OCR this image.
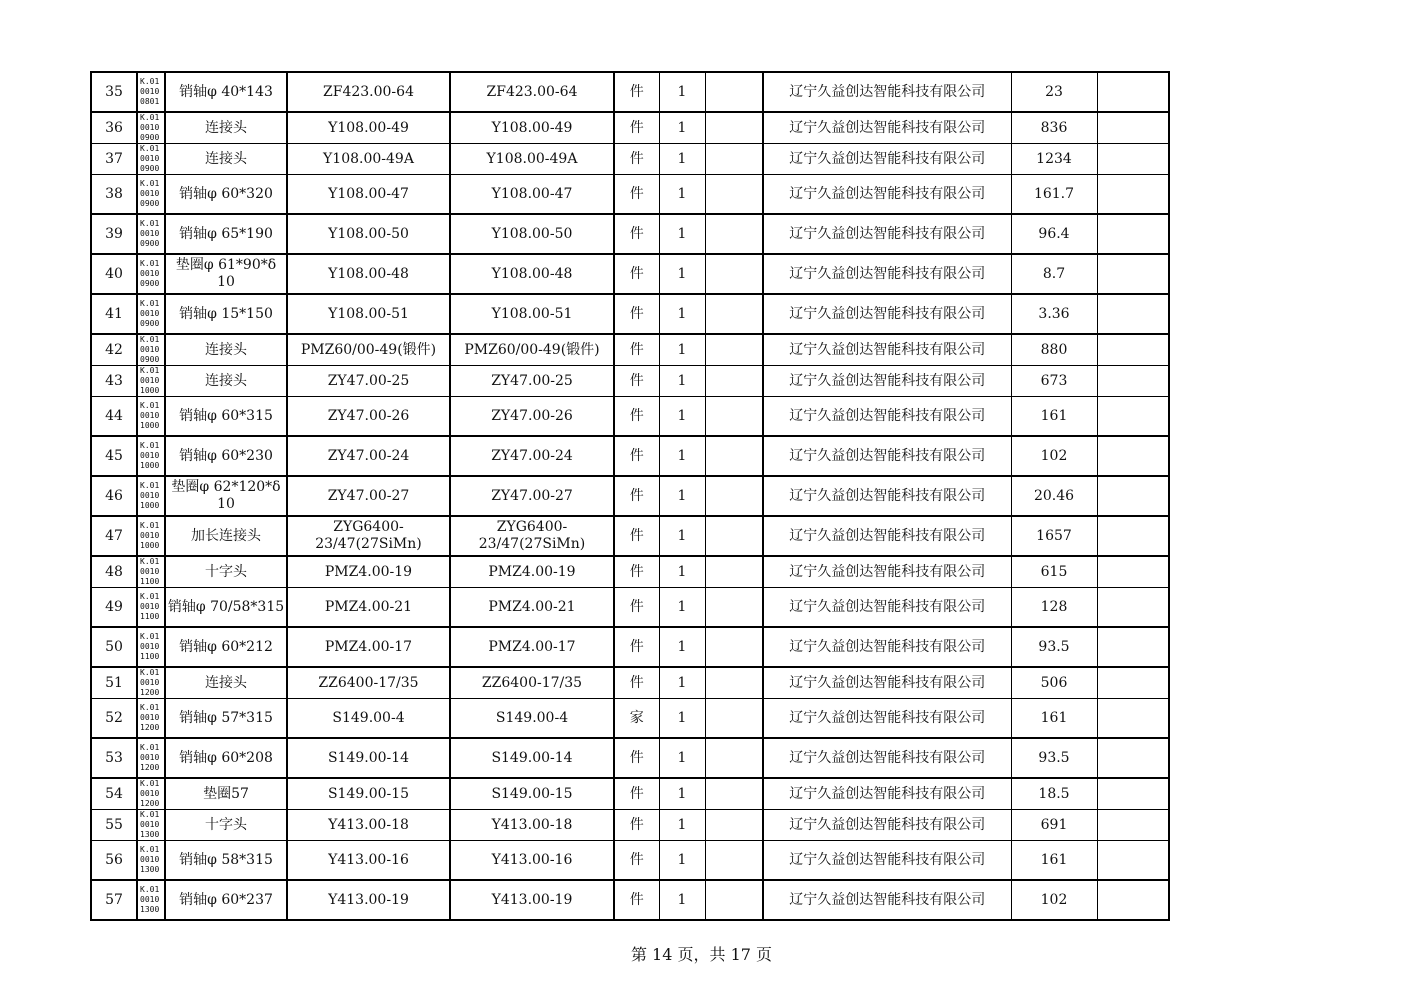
35	K.01 0010 0801	销轴φ 40*143	ZF423.00-64	ZF423.00-64	件	1		辽宁久益创达智能科技有限公司	23	
36	K.01 0010 0900	连接头	Y108.00-49	Y108.00-49	件	1		辽宁久益创达智能科技有限公司	836	
37	K.01 0010 0900	连接头	Y108.00-49A	Y108.00-49A	件	1		辽宁久益创达智能科技有限公司	1234	
38	K.01 0010 0900	销轴φ 60*320	Y108.00-47	Y108.00-47	件	1		辽宁久益创达智能科技有限公司	161.7	
39	K.01 0010 0900	销轴φ 65*190	Y108.00-50	Y108.00-50	件	1		辽宁久益创达智能科技有限公司	96.4	
40	K.01 0010 0900	垫圈φ 61*90*δ 10	Y108.00-48	Y108.00-48	件	1		辽宁久益创达智能科技有限公司	8.7	
41	K.01 0010 0900	销轴φ 15*150	Y108.00-51	Y108.00-51	件	1		辽宁久益创达智能科技有限公司	3.36	
42	K.01 0010 0900	连接头	PMZ60/00-49(锻件)	PMZ60/00-49(锻件)	件	1		辽宁久益创达智能科技有限公司	880	
43	K.01 0010 1000	连接头	ZY47.00-25	ZY47.00-25	件	1		辽宁久益创达智能科技有限公司	673	
44	K.01 0010 1000	销轴φ 60*315	ZY47.00-26	ZY47.00-26	件	1		辽宁久益创达智能科技有限公司	161	
45	K.01 0010 1000	销轴φ 60*230	ZY47.00-24	ZY47.00-24	件	1		辽宁久益创达智能科技有限公司	102	
46	K.01 0010 1000	垫圈φ 62*120*δ 10	ZY47.00-27	ZY47.00-27	件	1		辽宁久益创达智能科技有限公司	20.46	
47	K.01 0010 1000	加长连接头	ZYG6400-23/47(27SiMn)	ZYG6400-23/47(27SiMn)	件	1		辽宁久益创达智能科技有限公司	1657	
48	K.01 0010 1100	十字头	PMZ4.00-19	PMZ4.00-19	件	1		辽宁久益创达智能科技有限公司	615	
49	K.01 0010 1100	销轴φ 70/58*315	PMZ4.00-21	PMZ4.00-21	件	1		辽宁久益创达智能科技有限公司	128	
50	K.01 0010 1100	销轴φ 60*212	PMZ4.00-17	PMZ4.00-17	件	1		辽宁久益创达智能科技有限公司	93.5	
51	K.01 0010 1200	连接头	ZZ6400-17/35	ZZ6400-17/35	件	1		辽宁久益创达智能科技有限公司	506	
52	K.01 0010 1200	销轴φ 57*315	S149.00-4	S149.00-4	家	1		辽宁久益创达智能科技有限公司	161	
53	K.01 0010 1200	销轴φ 60*208	S149.00-14	S149.00-14	件	1		辽宁久益创达智能科技有限公司	93.5	
54	K.01 0010 1200	垫圈57	S149.00-15	S149.00-15	件	1		辽宁久益创达智能科技有限公司	18.5	
55	K.01 0010 1300	十字头	Y413.00-18	Y413.00-18	件	1		辽宁久益创达智能科技有限公司	691	
56	K.01 0010 1300	销轴φ 58*315	Y413.00-16	Y413.00-16	件	1		辽宁久益创达智能科技有限公司	161	
57	K.01 0010 1300	销轴φ 60*237	Y413.00-19	Y413.00-19	件	1		辽宁久益创达智能科技有限公司	102	
第 14 页，共 17 页
